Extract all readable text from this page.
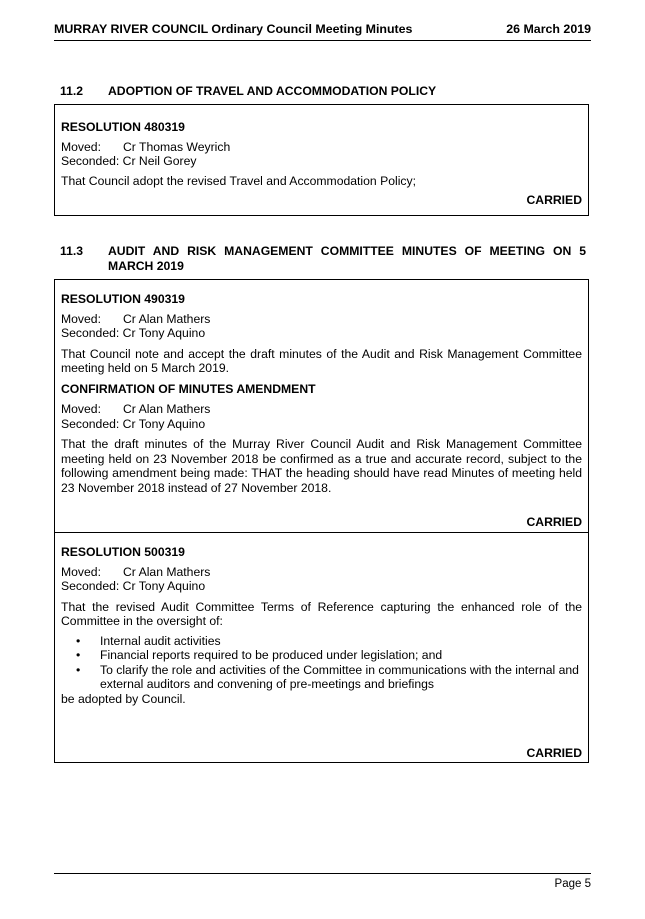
MURRAY RIVER COUNCIL Ordinary Council Meeting Minutes	26 March 2019
11.2	ADOPTION OF TRAVEL AND ACCOMMODATION POLICY
RESOLUTION 480319
Moved: Cr Thomas Weyrich
Seconded: Cr Neil Gorey
That Council adopt the revised Travel and Accommodation Policy;
CARRIED
11.3	AUDIT AND RISK MANAGEMENT COMMITTEE MINUTES OF MEETING ON 5 MARCH 2019
RESOLUTION 490319
Moved: Cr Alan Mathers
Seconded: Cr Tony Aquino
That Council note and accept the draft minutes of the Audit and Risk Management Committee meeting held on 5 March 2019.
CONFIRMATION OF MINUTES AMENDMENT
Moved: Cr Alan Mathers
Seconded: Cr Tony Aquino
That the draft minutes of the Murray River Council Audit and Risk Management Committee meeting held on 23 November 2018 be confirmed as a true and accurate record, subject to the following amendment being made: THAT the heading should have read Minutes of meeting held 23 November 2018 instead of 27 November 2018.
CARRIED
RESOLUTION 500319
Moved: Cr Alan Mathers
Seconded: Cr Tony Aquino
That the revised Audit Committee Terms of Reference capturing the enhanced role of the Committee in the oversight of:
• Internal audit activities
• Financial reports required to be produced under legislation; and
• To clarify the role and activities of the Committee in communications with the internal and external auditors and convening of pre-meetings and briefings
be adopted by Council.
CARRIED
Page 5
